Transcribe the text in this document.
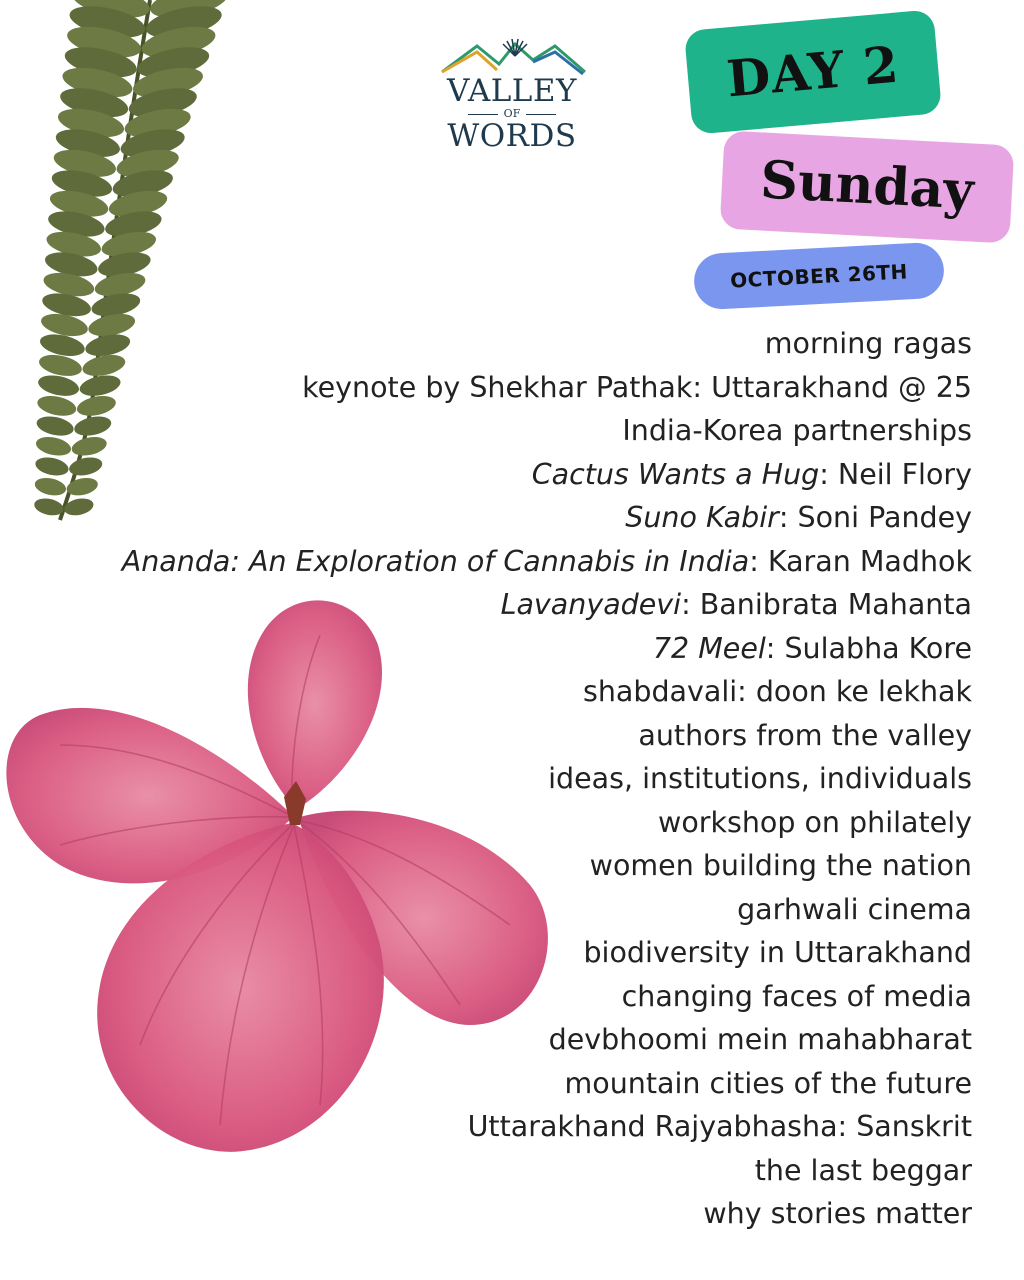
VALLEY
OF
WORDS
DAY 2
Sunday
OCTOBER 26TH
morning ragas
keynote by Shekhar Pathak: Uttarakhand @ 25
India-Korea partnerships
Cactus Wants a Hug: Neil Flory
Suno Kabir: Soni Pandey
Ananda: An Exploration of Cannabis in India: Karan Madhok
Lavanyadevi: Banibrata Mahanta
72 Meel: Sulabha Kore
shabdavali: doon ke lekhak
authors from the valley
ideas, institutions, individuals
workshop on philately
women building the nation
garhwali cinema
biodiversity in Uttarakhand
changing faces of media
devbhoomi mein mahabharat
mountain cities of the future
Uttarakhand Rajyabhasha: Sanskrit
the last beggar
why stories matter
